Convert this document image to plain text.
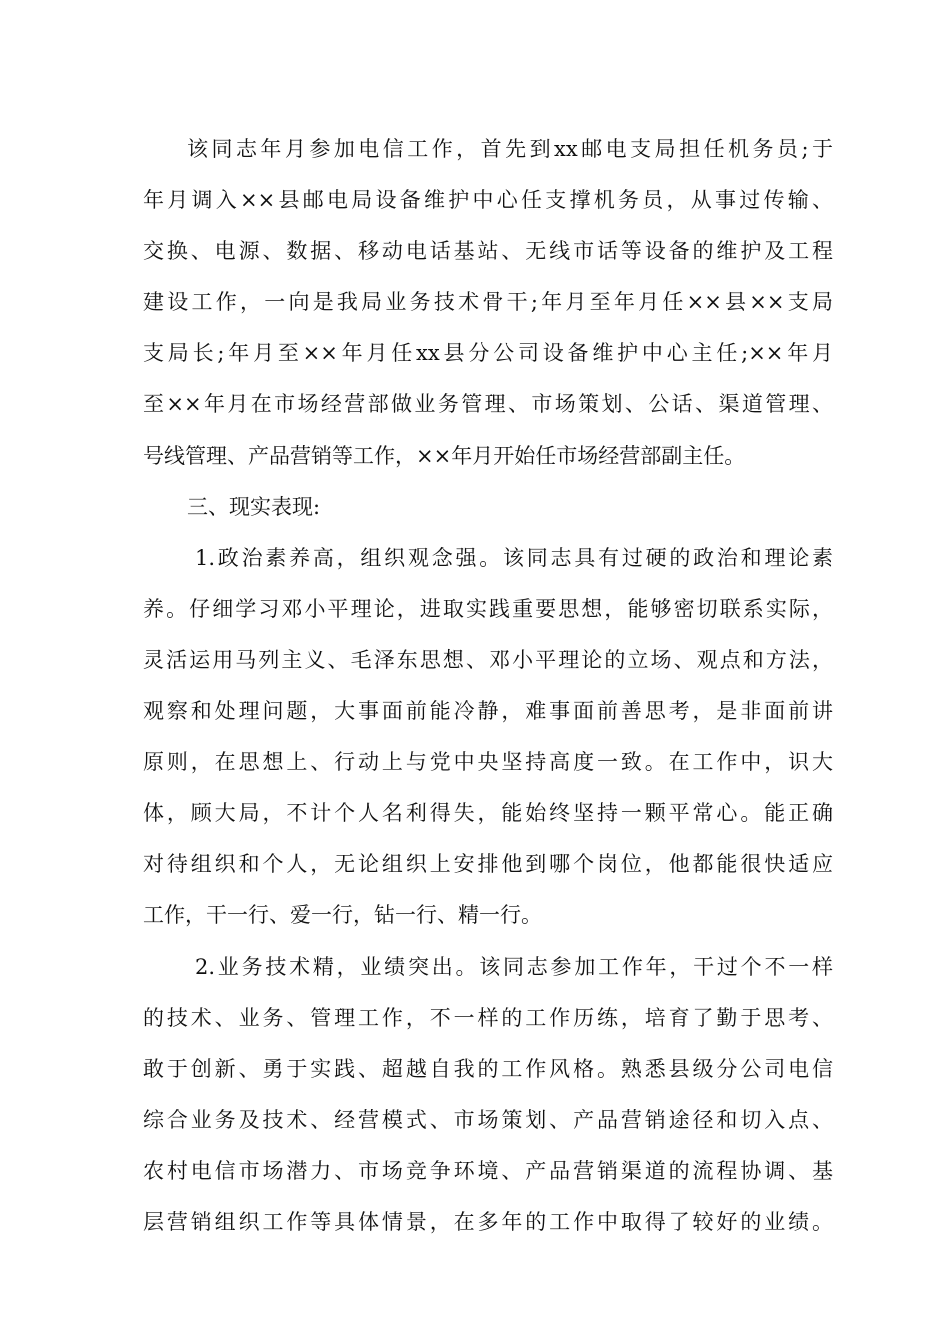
该同志年月参加电信工作，首先到xx邮电支局担任机务员;于
年月调入××县邮电局设备维护中心任支撑机务员，从事过传输、
交换、电源、数据、移动电话基站、无线市话等设备的维护及工程
建设工作，一向是我局业务技术骨干;年月至年月任××县××支局
支局长;年月至××年月任xx县分公司设备维护中心主任;××年月
至××年月在市场经营部做业务管理、市场策划、公话、渠道管理、
号线管理、产品营销等工作，××年月开始任市场经营部副主任。
三、现实表现:
1.政治素养高，组织观念强。该同志具有过硬的政治和理论素
养。仔细学习邓小平理论，进取实践重要思想，能够密切联系实际，
灵活运用马列主义、毛泽东思想、邓小平理论的立场、观点和方法，
观察和处理问题，大事面前能冷静，难事面前善思考，是非面前讲
原则，在思想上、行动上与党中央坚持高度一致。在工作中，识大
体，顾大局，不计个人名利得失，能始终坚持一颗平常心。能正确
对待组织和个人，无论组织上安排他到哪个岗位，他都能很快适应
工作，干一行、爱一行，钻一行、精一行。
2.业务技术精，业绩突出。该同志参加工作年，干过个不一样
的技术、业务、管理工作，不一样的工作历练，培育了勤于思考、
敢于创新、勇于实践、超越自我的工作风格。熟悉县级分公司电信
综合业务及技术、经营模式、市场策划、产品营销途径和切入点、
农村电信市场潜力、市场竞争环境、产品营销渠道的流程协调、基
层营销组织工作等具体情景，在多年的工作中取得了较好的业绩。
